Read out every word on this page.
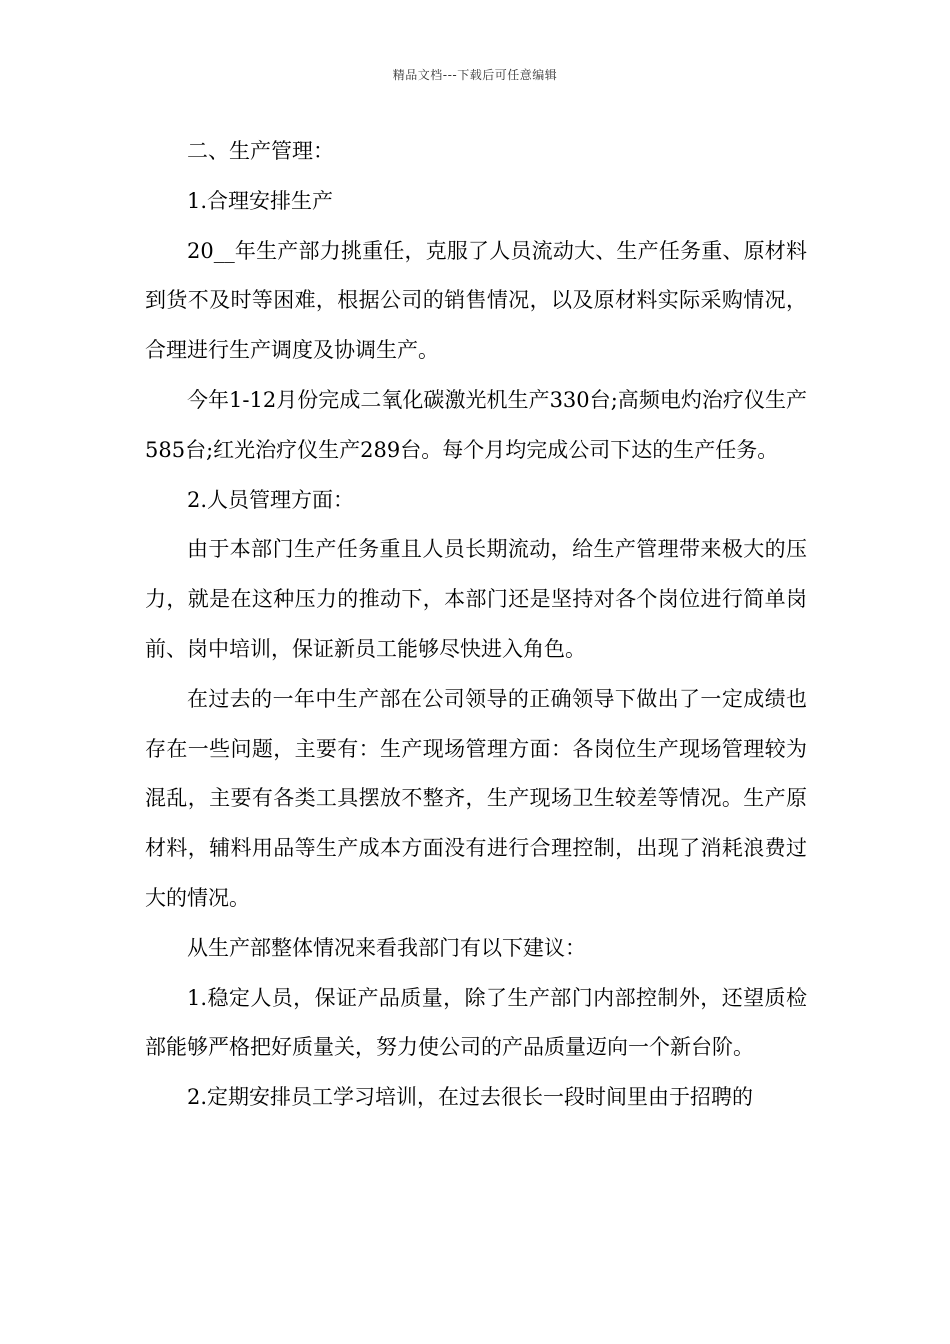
精品文档---下载后可任意编辑

二、生产管理：

1.合理安排生产

20__年生产部力挑重任，克服了人员流动大、生产任务重、原材料到货不及时等困难，根据公司的销售情况，以及原材料实际采购情况，合理进行生产调度及协调生产。

今年1-12月份完成二氧化碳激光机生产330台;高频电灼治疗仪生产585台;红光治疗仪生产289台。每个月均完成公司下达的生产任务。

2.人员管理方面：

由于本部门生产任务重且人员长期流动，给生产管理带来极大的压力，就是在这种压力的推动下，本部门还是坚持对各个岗位进行简单岗前、岗中培训，保证新员工能够尽快进入角色。

在过去的一年中生产部在公司领导的正确领导下做出了一定成绩也存在一些问题，主要有：生产现场管理方面：各岗位生产现场管理较为混乱，主要有各类工具摆放不整齐，生产现场卫生较差等情况。生产原材料，辅料用品等生产成本方面没有进行合理控制，出现了消耗浪费过大的情况。

从生产部整体情况来看我部门有以下建议：

1.稳定人员，保证产品质量，除了生产部门内部控制外，还望质检部能够严格把好质量关，努力使公司的产品质量迈向一个新台阶。

2.定期安排员工学习培训，在过去很长一段时间里由于招聘的
